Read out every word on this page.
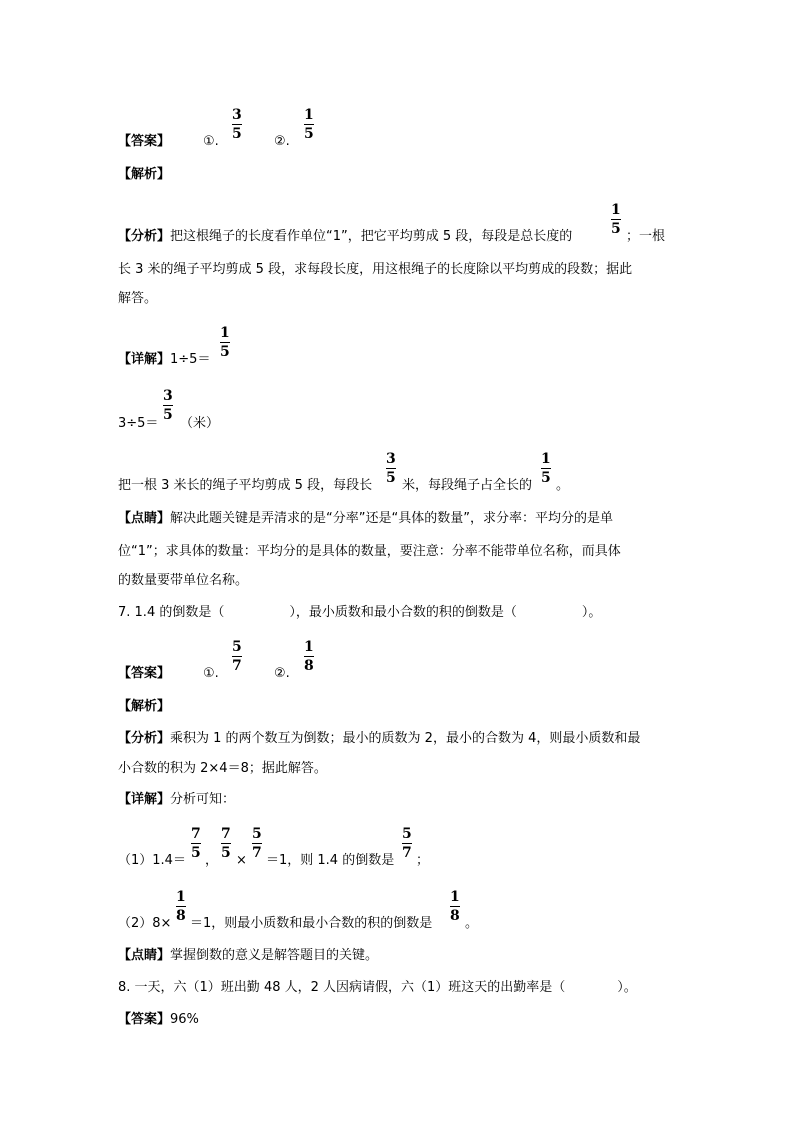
【答案】	①.
3
5 ②.
1
5
【解析】
【分析】把这根绳子的长度看作单位“1”，把它平均剪成 5 段，每段是总长度的
1
5 ；一根
长 3 米的绳子平均剪成 5 段，求每段长度，用这根绳子的长度除以平均剪成的段数；据此
解答。
【详解】1÷5＝
1
5
3÷5＝
3
5
（米）
把一根 3 米长的绳子平均剪成 5 段，每段长
3
5 米，每段绳子占全长的
1
5 。
【点睛】解决此题关键是弄清求的是“分率”还是“具体的数量”，求分率：平均分的是单
位“1”；求具体的数量：平均分的是具体的数量，要注意：分率不能带单位名称，而具体
的数量要带单位名称。
7. 1.4 的倒数是（　　　　　），最小质数和最小合数的积的倒数是（　　　　　）。
【答案】	①.
5
7 ②.
1
8
【解析】
【分析】乘积为 1 的两个数互为倒数；最小的质数为 2，最小的合数为 4，则最小质数和最
小合数的积为 2×4＝8；据此解答。
【详解】分析可知：
（1）1.4＝
7
5 ，
7
5 ×
5
7 ＝1，则 1.4 的倒数是
5
7 ；
（2）8×
1
8 ＝1，则最小质数和最小合数的积的倒数是
1
8 。
【点睛】掌握倒数的意义是解答题目的关键。
8. 一天，六（1）班出勤 48 人，2 人因病请假，六（1）班这天的出勤率是（　　　　）。
【答案】96%
